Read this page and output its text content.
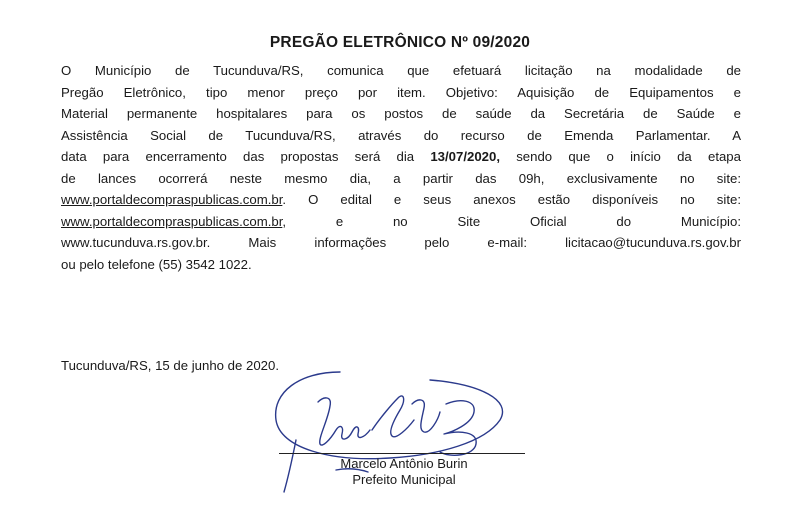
PREGÃO ELETRÔNICO Nº 09/2020
O Município de Tucunduva/RS, comunica que efetuará licitação na modalidade de
Pregão Eletrônico, tipo menor preço por item. Objetivo: Aquisição de Equipamentos e
Material permanente hospitalares para os postos de saúde da Secretária de Saúde e
Assistência Social de Tucunduva/RS, através do recurso de Emenda Parlamentar. A
data para encerramento das propostas será dia 13/07/2020, sendo que o início da etapa
de lances ocorrerá neste mesmo dia, a partir das 09h, exclusivamente no site:
www.portaldecompraspublicas.com.br. O edital e seus anexos estão disponíveis no site:
www.portaldecompraspublicas.com.br, e no Site Oficial do Município:
www.tucunduva.rs.gov.br. Mais informações pelo e-mail: licitacao@tucunduva.rs.gov.br
ou pelo telefone (55) 3542 1022.
Tucunduva/RS, 15 de junho de 2020.
Marcelo Antônio Burin
Prefeito Municipal
